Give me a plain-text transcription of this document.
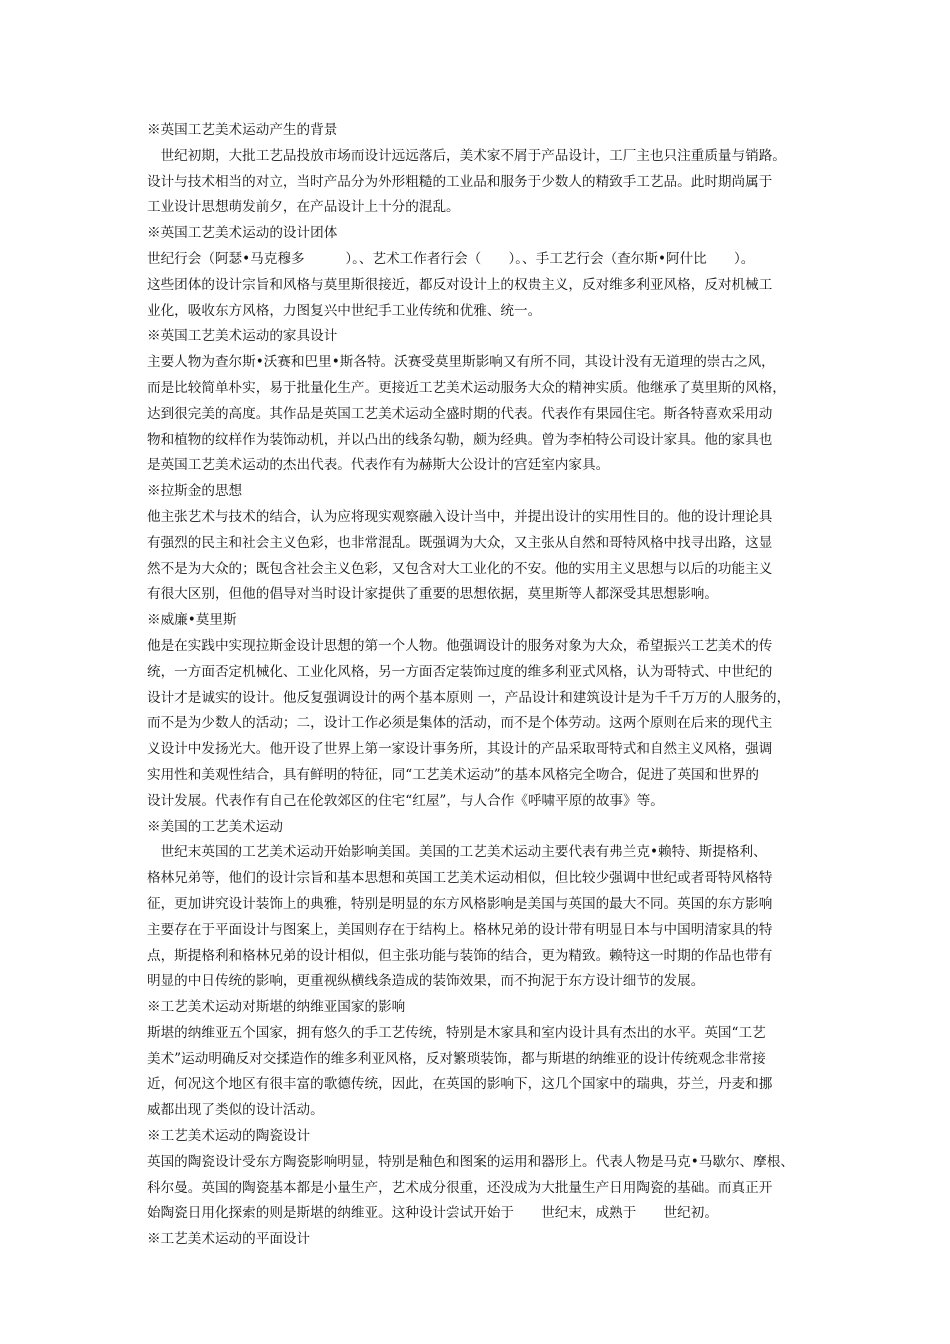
※英国工艺美术运动产生的背景
　世纪初期，大批工艺品投放市场而设计远远落后，美术家不屑于产品设计，工厂主也只注重质量与销路。
设计与技术相当的对立，当时产品分为外形粗糙的工业品和服务于少数人的精致手工艺品。此时期尚属于
工业设计思想萌发前夕，在产品设计上十分的混乱。
※英国工艺美术运动的设计团体
世纪行会（阿瑟•马克穆多　　　）。、艺术工作者行会（　　）。、手工艺行会（查尔斯•阿什比　　）。
这些团体的设计宗旨和风格与莫里斯很接近，都反对设计上的权贵主义，反对维多利亚风格，反对机械工
业化，吸收东方风格，力图复兴中世纪手工业传统和优雅、统一。
※英国工艺美术运动的家具设计
主要人物为查尔斯•沃赛和巴里•斯各特。沃赛受莫里斯影响又有所不同，其设计没有无道理的崇古之风，
而是比较简单朴实，易于批量化生产。更接近工艺美术运动服务大众的精神实质。他继承了莫里斯的风格，
达到很完美的高度。其作品是英国工艺美术运动全盛时期的代表。代表作有果园住宅。斯各特喜欢采用动
物和植物的纹样作为装饰动机，并以凸出的线条勾勒，颇为经典。曾为李柏特公司设计家具。他的家具也
是英国工艺美术运动的杰出代表。代表作有为赫斯大公设计的宫廷室内家具。
※拉斯金的思想
他主张艺术与技术的结合，认为应将现实观察融入设计当中，并提出设计的实用性目的。他的设计理论具
有强烈的民主和社会主义色彩，也非常混乱。既强调为大众，又主张从自然和哥特风格中找寻出路，这显
然不是为大众的；既包含社会主义色彩，又包含对大工业化的不安。他的实用主义思想与以后的功能主义
有很大区别，但他的倡导对当时设计家提供了重要的思想依据，莫里斯等人都深受其思想影响。
※威廉•莫里斯
他是在实践中实现拉斯金设计思想的第一个人物。他强调设计的服务对象为大众，希望振兴工艺美术的传
统，一方面否定机械化、工业化风格，另一方面否定装饰过度的维多利亚式风格，认为哥特式、中世纪的
设计才是诚实的设计。他反复强调设计的两个基本原则 一，产品设计和建筑设计是为千千万万的人服务的，
而不是为少数人的活动；二，设计工作必须是集体的活动，而不是个体劳动。这两个原则在后来的现代主
义设计中发扬光大。他开设了世界上第一家设计事务所，其设计的产品采取哥特式和自然主义风格，强调
实用性和美观性结合，具有鲜明的特征，同“工艺美术运动”的基本风格完全吻合，促进了英国和世界的
设计发展。代表作有自己在伦敦郊区的住宅“红屋”，与人合作《呼啸平原的故事》等。
※美国的工艺美术运动
　世纪末英国的工艺美术运动开始影响美国。美国的工艺美术运动主要代表有弗兰克•赖特、斯提格利、
格林兄弟等，他们的设计宗旨和基本思想和英国工艺美术运动相似，但比较少强调中世纪或者哥特风格特
征，更加讲究设计装饰上的典雅，特别是明显的东方风格影响是美国与英国的最大不同。英国的东方影响
主要存在于平面设计与图案上，美国则存在于结构上。格林兄弟的设计带有明显日本与中国明清家具的特
点，斯提格利和格林兄弟的设计相似，但主张功能与装饰的结合，更为精致。赖特这一时期的作品也带有
明显的中日传统的影响，更重视纵横线条造成的装饰效果，而不拘泥于东方设计细节的发展。
※工艺美术运动对斯堪的纳维亚国家的影响
斯堪的纳维亚五个国家，拥有悠久的手工艺传统，特别是木家具和室内设计具有杰出的水平。英国“工艺
美术”运动明确反对交揉造作的维多利亚风格，反对繁琐装饰，都与斯堪的纳维亚的设计传统观念非常接
近，何况这个地区有很丰富的歌德传统，因此，在英国的影响下，这几个国家中的瑞典，芬兰，丹麦和挪
威都出现了类似的设计活动。
※工艺美术运动的陶瓷设计
英国的陶瓷设计受东方陶瓷影响明显，特别是釉色和图案的运用和器形上。代表人物是马克•马歇尔、摩根、
科尔曼。英国的陶瓷基本都是小量生产，艺术成分很重，还没成为大批量生产日用陶瓷的基础。而真正开
始陶瓷日用化探索的则是斯堪的纳维亚。这种设计尝试开始于　　世纪末，成熟于　　世纪初。
※工艺美术运动的平面设计
